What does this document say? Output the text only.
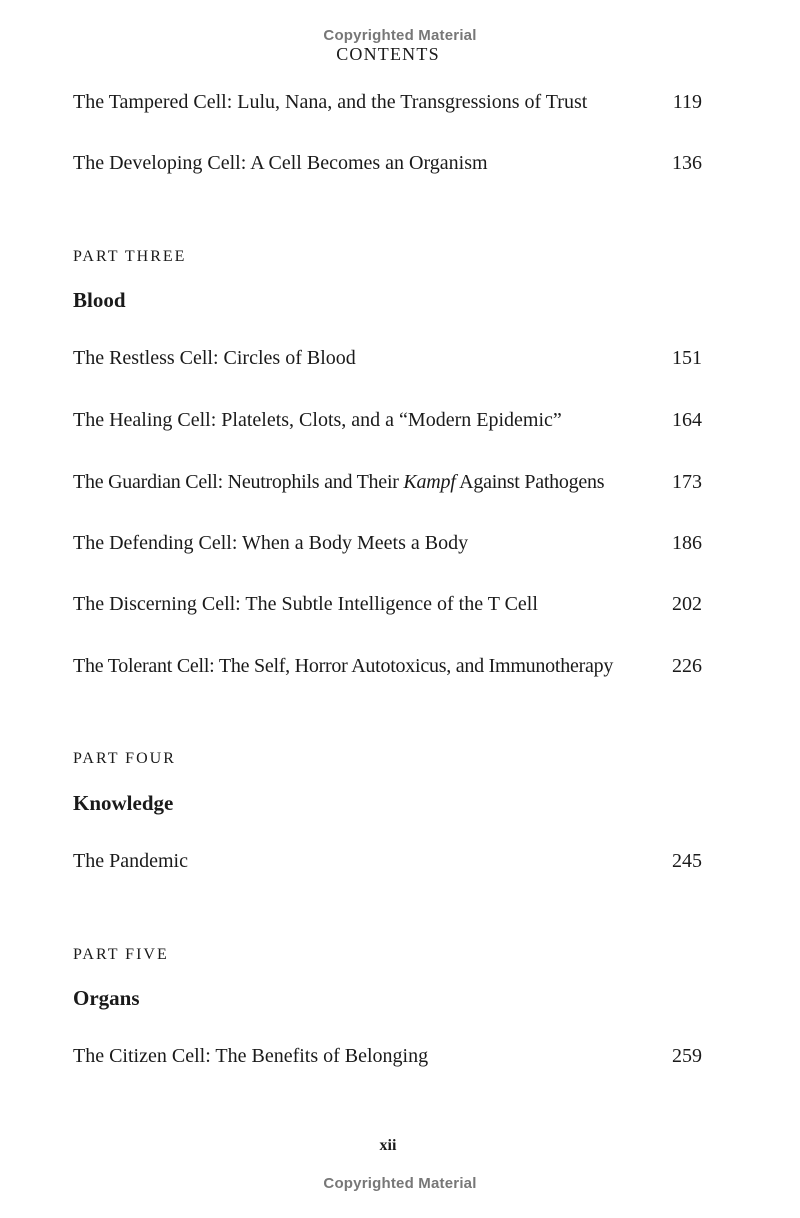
Copyrighted Material
CONTENTS
The Tampered Cell: Lulu, Nana, and the Transgressions of Trust	119
The Developing Cell: A Cell Becomes an Organism	136
PART THREE
Blood
The Restless Cell: Circles of Blood	151
The Healing Cell: Platelets, Clots, and a “Modern Epidemic”	164
The Guardian Cell: Neutrophils and Their Kampf Against Pathogens	173
The Defending Cell: When a Body Meets a Body	186
The Discerning Cell: The Subtle Intelligence of the T Cell	202
The Tolerant Cell: The Self, Horror Autotoxicus, and Immunotherapy	226
PART FOUR
Knowledge
The Pandemic	245
PART FIVE
Organs
The Citizen Cell: The Benefits of Belonging	259
xii
Copyrighted Material
